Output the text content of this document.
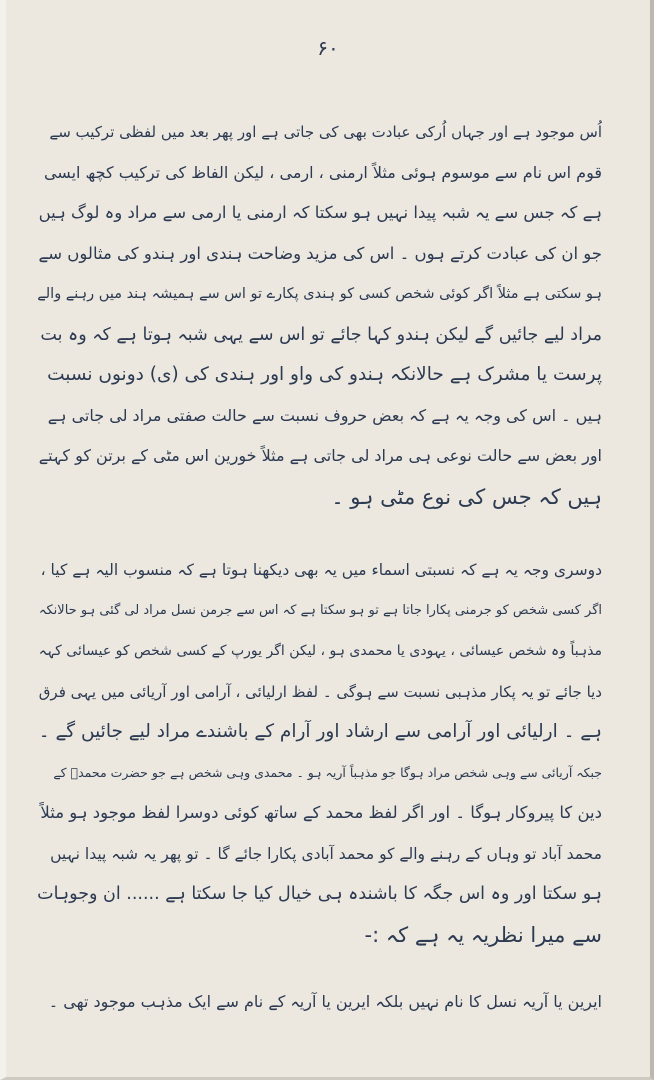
۶۰
اُس موجود ہے اور جہاں اُرکی عبادت بھی کی جاتی ہے اور پھر بعد میں لفظی ترکیب سے
قوم اس نام سے موسوم ہوئی مثلاً ارمنی ، ارمی ، لیکن الفاظ کی ترکیب کچھ ایسی
ہے کہ جس سے یہ شبہ پیدا نہیں ہو سکتا کہ ارمنی یا ارمی سے مراد وہ لوگ ہیں
جو ان کی عبادت کرتے ہوں ۔ اس کی مزید وضاحت ہندی اور ہندو کی مثالوں سے
ہو سکتی ہے مثلاً اگر کوئی شخص کسی کو ہندی پکارے تو اس سے ہمیشہ ہند میں رہنے والے
مراد لیے جائیں گے لیکن ہندو کہا جائے تو اس سے یہی شبہ ہوتا ہے کہ وہ بت
پرست یا مشرک ہے حالانکہ ہندو کی واو اور ہندی کی (ی) دونوں نسبت
ہیں ۔ اس کی وجہ یہ ہے کہ بعض حروف نسبت سے حالت صفتی مراد لی جاتی ہے
اور بعض سے حالت نوعی ہی مراد لی جاتی ہے مثلاً خورین اس مٹی کے برتن کو کہتے
ہیں کہ جس کی نوع مٹی ہو ۔
دوسری وجہ یہ ہے کہ نسبتی اسماء میں یہ بھی دیکھنا ہوتا ہے کہ منسوب الیہ ہے کیا ،
اگر کسی شخص کو جرمنی پکارا جاتا ہے تو ہو سکتا ہے کہ اس سے جرمن نسل مراد لی گئی ہو حالانکہ
مذہباً وہ شخص عیسائی ، یہودی یا محمدی ہو ، لیکن اگر یورپ کے کسی شخص کو عیسائی کہہ
دیا جائے تو یہ پکار مذہبی نسبت سے ہوگی ۔ لفظ ارلیائی ، آرامی اور آریائی میں یہی فرق
ہے ۔ ارلیائی اور آرامی سے ارشاد اور آرام کے باشندے مراد لیے جائیں گے ۔
جبکہ آریائی سے وہی شخص مراد ہوگا جو مذہباً آریہ ہو ۔ محمدی وہی شخص ہے جو حضرت محمدؐ کے
دین کا پیروکار ہوگا ۔ اور اگر لفظ محمد کے ساتھ کوئی دوسرا لفظ موجود ہو مثلاً
محمد آباد تو وہاں کے رہنے والے کو محمد آبادی پکارا جائے گا ۔ تو پھر یہ شبہ پیدا نہیں
ہو سکتا اور وہ اس جگہ کا باشندہ ہی خیال کیا جا سکتا ہے ...... ان وجوہات
سے میرا نظریہ یہ ہے کہ :-
ایرین یا آریہ نسل کا نام نہیں بلکہ ایرین یا آریہ کے نام سے ایک مذہب موجود تھی ۔
